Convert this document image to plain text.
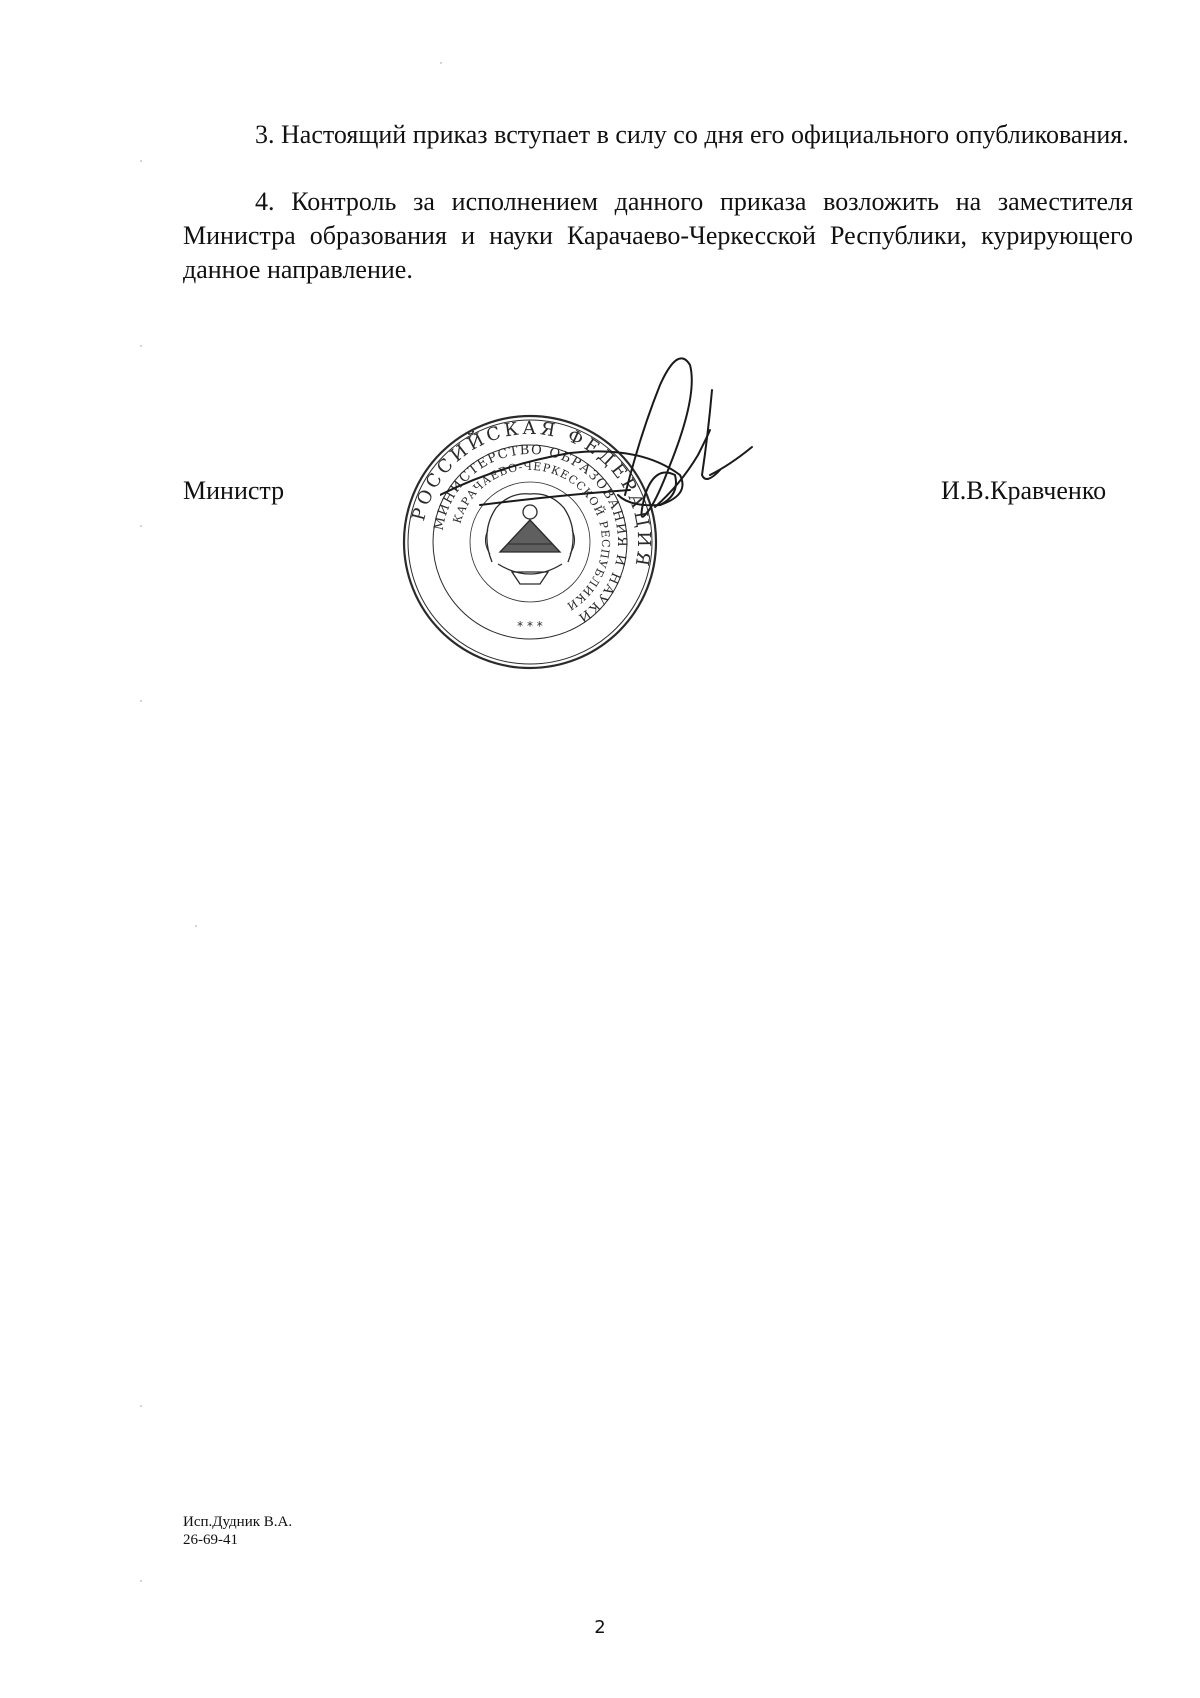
3. Настоящий приказ вступает в силу со дня его официального опубликования.
4. Контроль за исполнением данного приказа возложить на заместителя Министра образования и науки Карачаево-Черкесской Республики, курирующего данное направление.
Министр	И.В.Кравченко
РОССИЙСКАЯ ФЕДЕРАЦИЯ
МИНИСТЕРСТВО ОБРАЗОВАНИЯ И НАУКИ
КАРАЧАЕВО-ЧЕРКЕССКОЙ РЕСПУБЛИКИ
* * *
Исп.Дудник В.А.
26-69-41
2
